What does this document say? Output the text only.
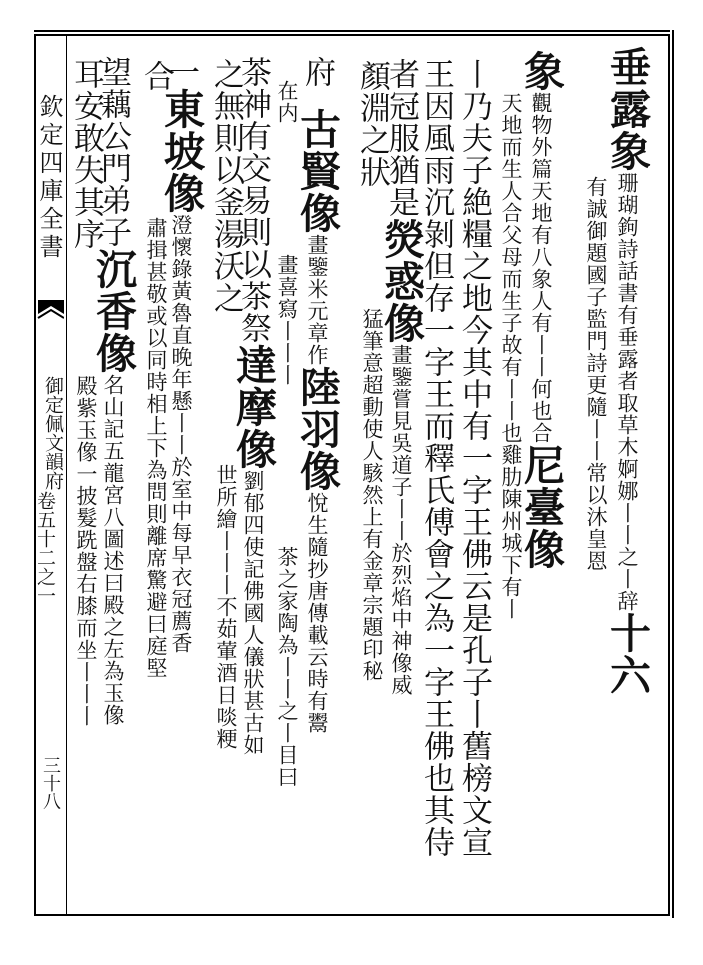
欽定四庫全書
御定佩文韻府
卷五十二之一
三十八
垂露象珊瑚鉤詩話書有垂露者取草木婀娜丨丨之丨辞十六
有誠御題國子監門詩更隨丨丨常以沐皇恩
象觀物外篇天地有八象人有丨丨何也合尼臺像
天地而生人合父母而生子故有丨丨也雞肋陳州城下有丨
丨乃夫子絶糧之地今其中有一字王佛云是孔子丨舊榜文宣
王因風雨沉剝但存一字王而釋氏傅會之為一字王佛也其侍
者冠服猶是熒惑像畫鑒嘗見吳道子丨丨於烈焰中神像威
顏淵之狀猛筆意超動使人駭然上有金章宗題印秘
府古賢像畫鑒米元章作陸羽像悅生隨抄唐傳載云時有鬻
在内畫喜寫丨丨丨茶之家陶為丨丨之丨目曰
茶神有交易則以茶祭達摩像劉郁四使記佛國人儀狀甚古如
之無則以釜湯沃之世所繪丨丨丨不茹葷酒日啖粳
一東坡像澄懷錄黃魯直晚年懸丨丨於室中每早衣冠薦香
合肅揖甚敬或以同時相上下為問則離席驚避曰庭堅
望藕公門弟子沉香像名山記五龍宮八圖述曰殿之左為玉像
耳安敢失其序殿紫玉像一披髮跣盤右膝而坐丨丨丨
